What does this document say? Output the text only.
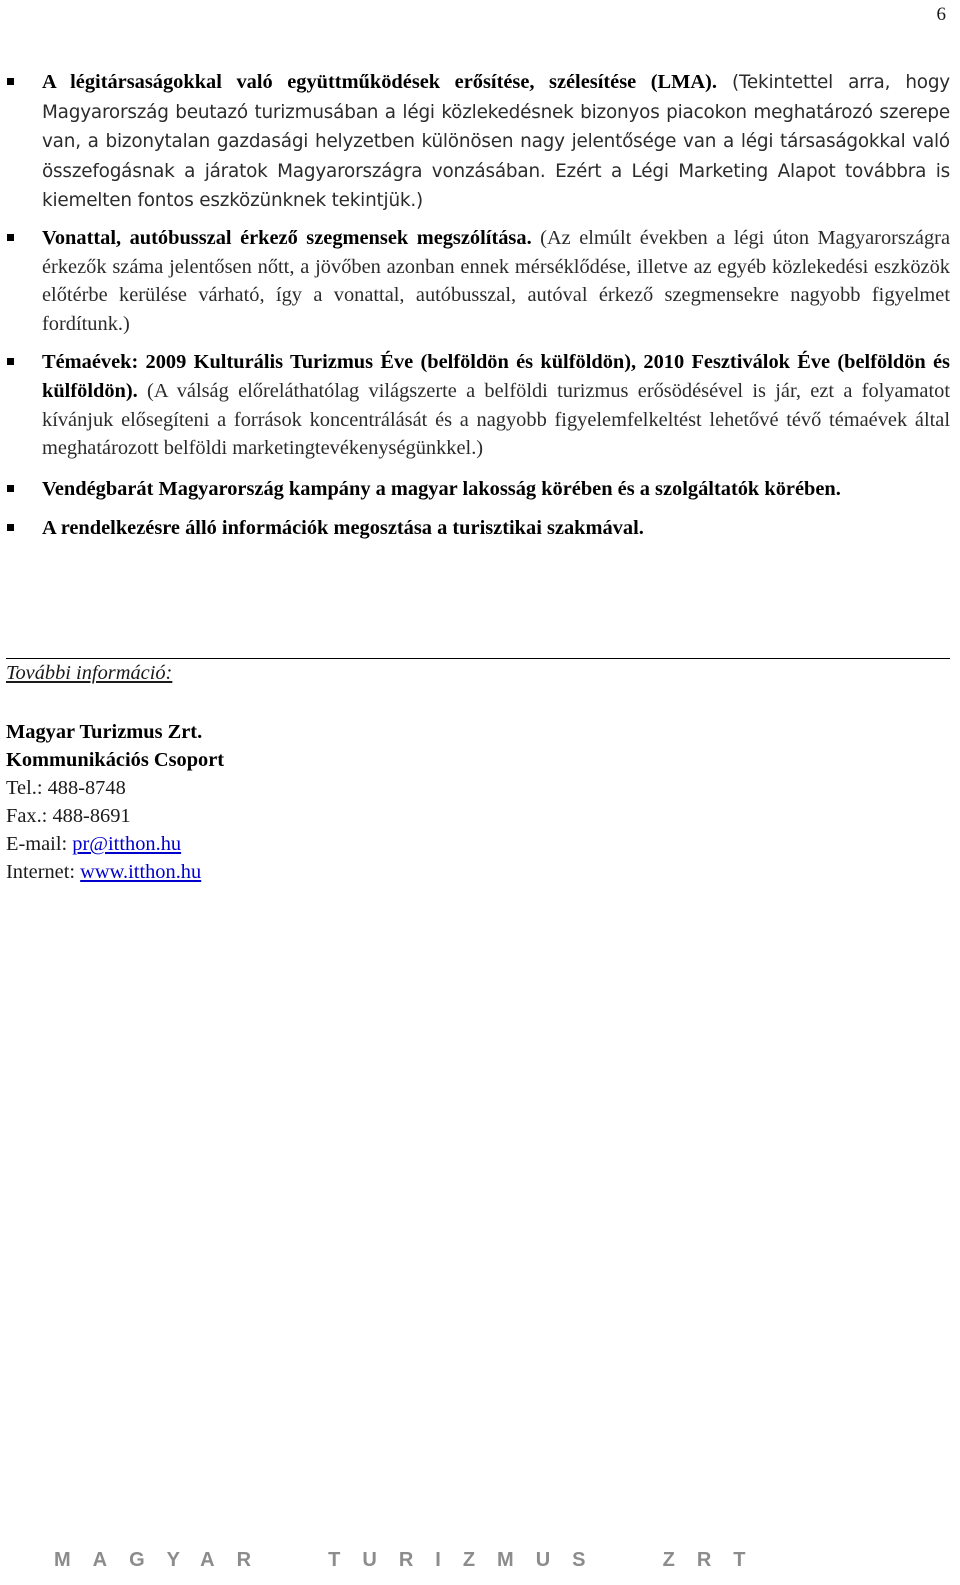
6
A légitársaságokkal való együttműködések erősítése, szélesítése (LMA). (Tekintettel arra, hogy Magyarország beutazó turizmusában a légi közlekedésnek bizonyos piacokon meghatározó szerepe van, a bizonytalan gazdasági helyzetben különösen nagy jelentősége van a légi társaságokkal való összefogásnak a járatok Magyarországra vonzásában. Ezért a Légi Marketing Alapot továbbra is kiemelten fontos eszközünknek tekintjük.)
Vonattal, autóbusszal érkező szegmensek megszólítása. (Az elmúlt években a légi úton Magyarországra érkezők száma jelentősen nőtt, a jövőben azonban ennek mérséklődése, illetve az egyéb közlekedési eszközök előtérbe kerülése várható, így a vonattal, autóbusszal, autóval érkező szegmensekre nagyobb figyelmet fordítunk.)
Témaévek: 2009 Kulturális Turizmus Éve (belföldön és külföldön), 2010 Fesztiválok Éve (belföldön és külföldön). (A válság előreláthatólag világszerte a belföldi turizmus erősödésével is jár, ezt a folyamatot kívánjuk elősegíteni a források koncentrálását és a nagyobb figyelemfelkeltést lehetővé tévő témaévek által meghatározott belföldi marketingtevékenységünkkel.)
Vendégbarát Magyarország kampány a magyar lakosság körében és a szolgáltatók körében.
A rendelkezésre álló információk megosztása a turisztikai szakmával.
További információ:
Magyar Turizmus Zrt.
Kommunikációs Csoport
Tel.: 488-8748
Fax.: 488-8691
E-mail: pr@itthon.hu
Internet: www.itthon.hu
MAGYAR  TURIZMUS  ZRT
